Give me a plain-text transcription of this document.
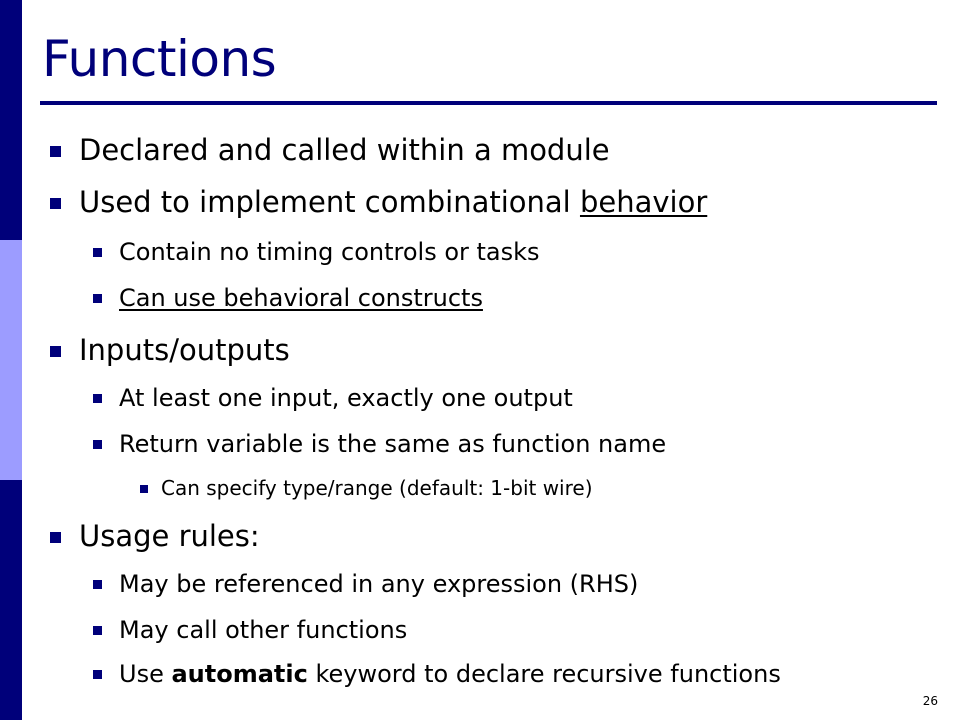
Functions
Declared and called within a module
Used to implement combinational behavior
Contain no timing controls or tasks
Can use behavioral constructs
Inputs/outputs
At least one input, exactly one output
Return variable is the same as function name
Can specify type/range (default: 1-bit wire)
Usage rules:
May be referenced in any expression (RHS)
May call other functions
Use automatic keyword to declare recursive functions
26
